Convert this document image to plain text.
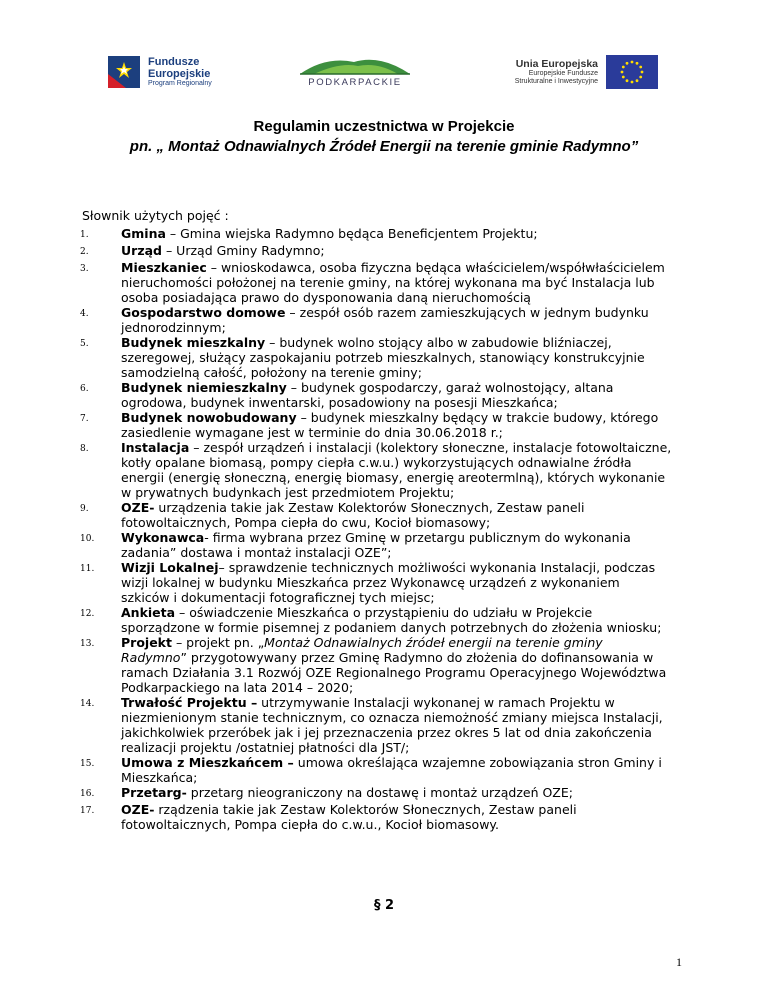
Fundusze
Europejskie
Program Regionalny	PODKARPACKIE
Unia Europejska
Europejskie Fundusze
Strukturalne i Inwestycyjne
Regulamin uczestnictwa w Projekcie
pn. „ Montaż Odnawialnych Źródeł Energii na terenie gminie Radymno”
Słownik użytych pojęć :
1.	Gmina – Gmina wiejska Radymno będąca Beneficjentem Projektu;
2.	Urząd – Urząd Gminy Radymno;
3.	Mieszkaniec – wnioskodawca, osoba fizyczna będąca właścicielem/współwłaścicielem nieruchomości położonej na terenie gminy, na której wykonana ma być Instalacja lub osoba posiadająca prawo do dysponowania daną nieruchomością
4.	Gospodarstwo domowe – zespół osób razem zamieszkujących w jednym budynku jednorodzinnym;
5.	Budynek mieszkalny – budynek wolno stojący albo w zabudowie bliźniaczej, szeregowej, służący zaspokajaniu potrzeb mieszkalnych, stanowiący konstrukcyjnie samodzielną całość, położony na terenie gminy;
6.	Budynek niemieszkalny – budynek gospodarczy, garaż wolnostojący, altana ogrodowa, budynek inwentarski, posadowiony na posesji Mieszkańca;
7.	Budynek nowobudowany – budynek mieszkalny będący w trakcie budowy, którego zasiedlenie wymagane jest w terminie do dnia 30.06.2018 r.;
8.	Instalacja – zespół urządzeń i instalacji (kolektory słoneczne, instalacje fotowoltaiczne, kotły opalane biomasą, pompy ciepła c.w.u.) wykorzystujących odnawialne źródła energii (energię słoneczną, energię biomasy, energię areotermlną), których wykonanie w prywatnych budynkach jest przedmiotem Projektu;
9.	OZE- urządzenia takie jak Zestaw Kolektorów Słonecznych, Zestaw paneli fotowoltaicznych, Pompa ciepła do cwu, Kocioł biomasowy;
10.	Wykonawca- firma wybrana przez Gminę w przetargu publicznym do wykonania zadania” dostawa i montaż instalacji OZE”;
11.	Wizji Lokalnej– sprawdzenie technicznych możliwości wykonania Instalacji, podczas wizji lokalnej w budynku Mieszkańca przez Wykonawcę urządzeń z wykonaniem szkiców i dokumentacji fotograficznej tych miejsc;
12.	Ankieta – oświadczenie Mieszkańca o przystąpieniu do udziału w Projekcie sporządzone w formie pisemnej z podaniem danych potrzebnych do złożenia wniosku;
13.	Projekt – projekt pn. „Montaż Odnawialnych źródeł energii na terenie gminy Radymno” przygotowywany przez Gminę Radymno do złożenia do dofinansowania w ramach Działania 3.1 Rozwój OZE Regionalnego Programu Operacyjnego Województwa Podkarpackiego na lata 2014 – 2020;
14.	Trwałość Projektu – utrzymywanie Instalacji wykonanej w ramach Projektu w niezmienionym stanie technicznym, co oznacza niemożność zmiany miejsca Instalacji, jakichkolwiek przeróbek jak i jej przeznaczenia przez okres 5 lat od dnia zakończenia realizacji projektu /ostatniej płatności dla JST/;
15.	Umowa z Mieszkańcem – umowa określająca wzajemne zobowiązania stron Gminy i Mieszkańca;
16.	Przetarg- przetarg nieograniczony na dostawę i montaż urządzeń OZE;
17.	OZE- rządzenia takie jak Zestaw Kolektorów Słonecznych, Zestaw paneli fotowoltaicznych, Pompa ciepła do c.w.u., Kocioł biomasowy.
§ 2
1
